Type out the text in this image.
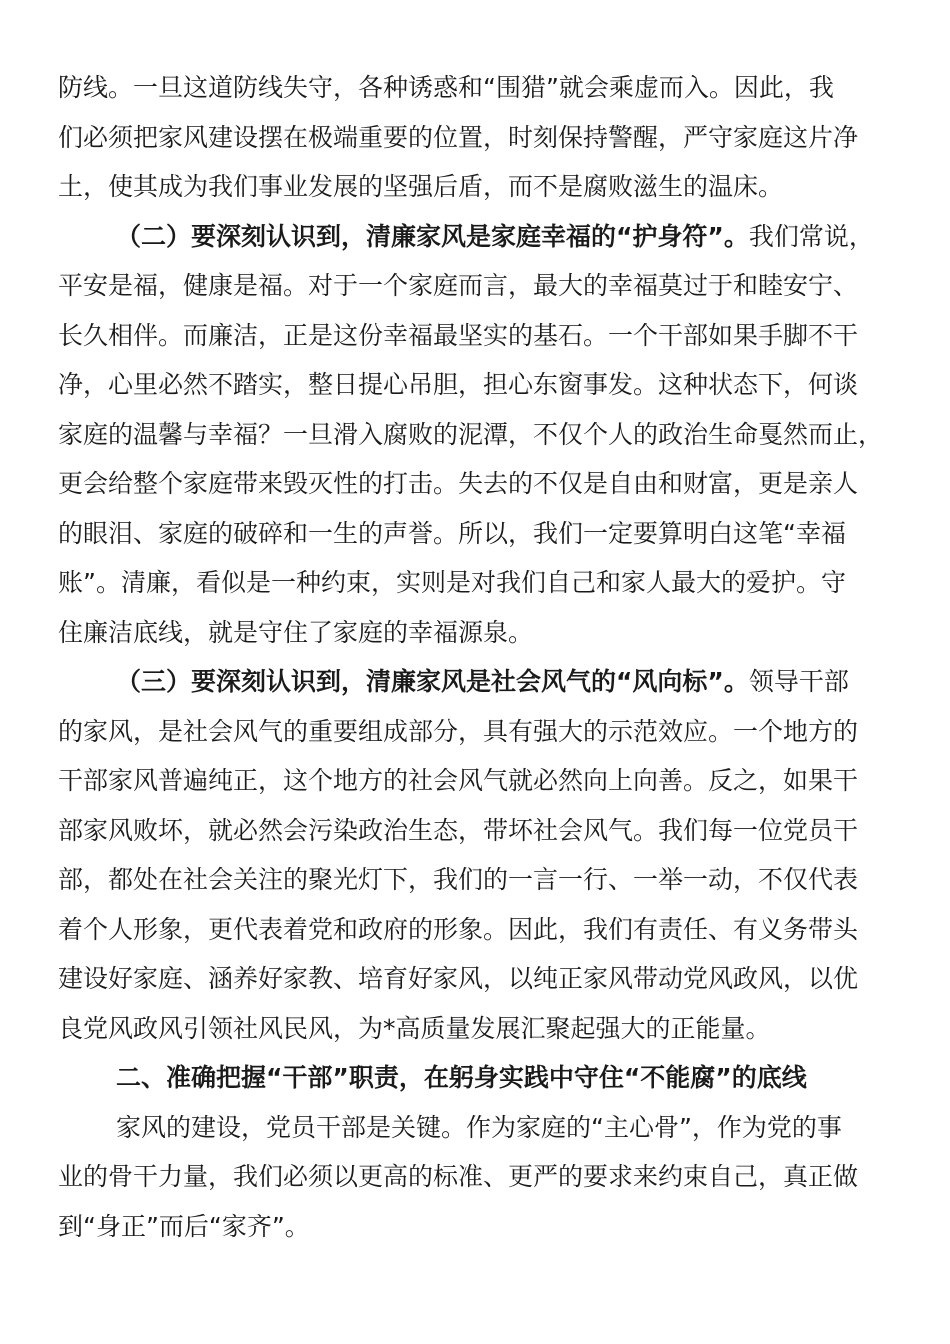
防线。一旦这道防线失守，各种诱惑和“围猎”就会乘虚而入。因此，我
们必须把家风建设摆在极端重要的位置，时刻保持警醒，严守家庭这片净
土，使其成为我们事业发展的坚强后盾，而不是腐败滋生的温床。
（二）要深刻认识到，清廉家风是家庭幸福的“护身符”。我们常说，
平安是福，健康是福。对于一个家庭而言，最大的幸福莫过于和睦安宁、
长久相伴。而廉洁，正是这份幸福最坚实的基石。一个干部如果手脚不干
净，心里必然不踏实，整日提心吊胆，担心东窗事发。这种状态下，何谈
家庭的温馨与幸福？一旦滑入腐败的泥潭，不仅个人的政治生命戛然而止，
更会给整个家庭带来毁灭性的打击。失去的不仅是自由和财富，更是亲人
的眼泪、家庭的破碎和一生的声誉。所以，我们一定要算明白这笔“幸福
账”。清廉，看似是一种约束，实则是对我们自己和家人最大的爱护。守
住廉洁底线，就是守住了家庭的幸福源泉。
（三）要深刻认识到，清廉家风是社会风气的“风向标”。领导干部
的家风，是社会风气的重要组成部分，具有强大的示范效应。一个地方的
干部家风普遍纯正，这个地方的社会风气就必然向上向善。反之，如果干
部家风败坏，就必然会污染政治生态，带坏社会风气。我们每一位党员干
部，都处在社会关注的聚光灯下，我们的一言一行、一举一动，不仅代表
着个人形象，更代表着党和政府的形象。因此，我们有责任、有义务带头
建设好家庭、涵养好家教、培育好家风，以纯正家风带动党风政风，以优
良党风政风引领社风民风，为*高质量发展汇聚起强大的正能量。
二、准确把握“干部”职责，在躬身实践中守住“不能腐”的底线
家风的建设，党员干部是关键。作为家庭的“主心骨”，作为党的事
业的骨干力量，我们必须以更高的标准、更严的要求来约束自己，真正做
到“身正”而后“家齐”。
